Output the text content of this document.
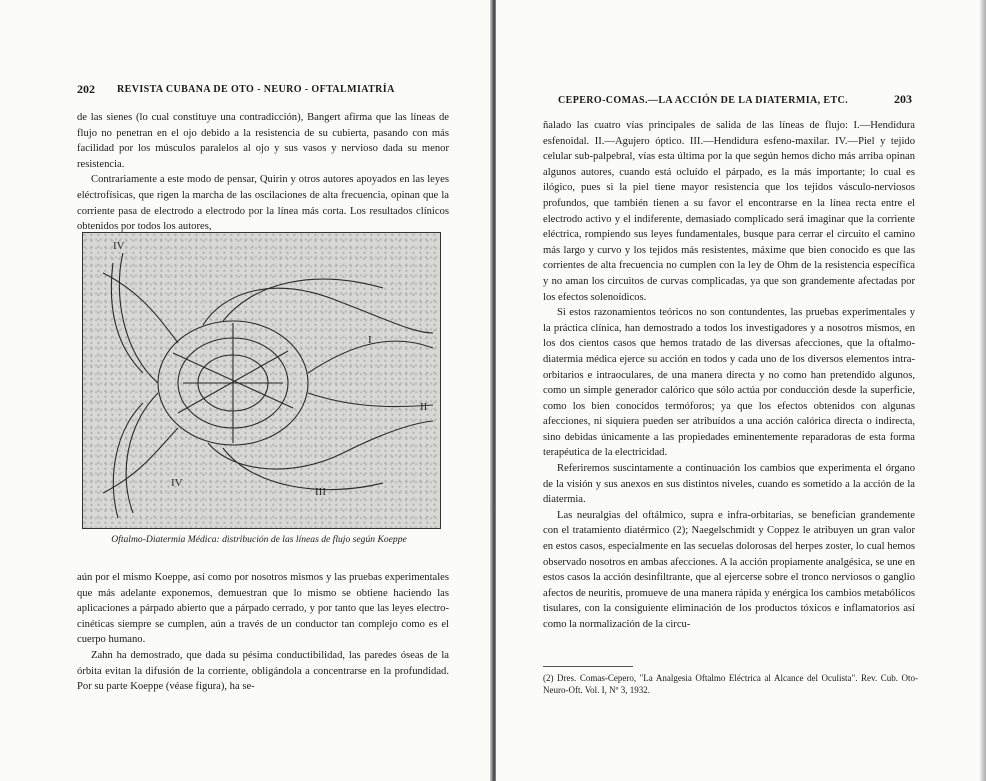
202 REVISTA CUBANA DE OTO - NEURO - OFTALMIATRÍA

de las sienes (lo cual constituye una contradicción), Bangert afirma que las líneas de flujo no penetran en el ojo debido a la resistencia de su cubierta, pasando con más facilidad por los músculos paralelos al ojo y sus vasos y nervioso dada su menor resistencia.

Contrariamente a este modo de pensar, Quirin y otros autores apoyados en las leyes eléctrofísicas, que rigen la marcha de las oscilaciones de alta frecuencia, opinan que la corriente pasa de electrodo a electrodo por la línea más corta. Los resultados clínicos obtenidos por todos los autores,

IV
I
II
III
IV
Oftalmo-Diatermia Médica: distribución de las líneas de flujo según Koeppe

aún por el mismo Koeppe, así como por nosotros mismos y las pruebas experimentales que más adelante exponemos, demuestran que lo mismo se obtiene haciendo las aplicaciones a párpado abierto que a párpado cerrado, y por tanto que las leyes electro-cinéticas siempre se cumplen, aún a través de un conductor tan complejo como es el cuerpo humano.

Zahn ha demostrado, que dada su pésima conductibilidad, las paredes óseas de la órbita evitan la difusión de la corriente, obligándola a concentrarse en la profundidad. Por su parte Koeppe (véase figura), ha se-

CEPERO-COMAS.—LA ACCIÓN DE LA DIATERMIA, ETC.	203

ñalado las cuatro vías principales de salida de las líneas de flujo: I.—Hendidura esfenoidal. II.—Agujero óptico. III.—Hendidura esfeno-maxilar. IV.—Piel y tejido celular sub-palpebral, vías esta última por la que según hemos dicho más arriba opinan algunos autores, cuando está ocluído el párpado, es la más importante; lo cual es ilógico, pues si la piel tiene mayor resistencia que los tejidos vásculo-nerviosos profundos, que también tienen a su favor el encontrarse en la línea recta entre el electrodo activo y el indiferente, demasiado complicado será imaginar que la corriente eléctrica, rompiendo sus leyes fundamentales, busque para cerrar el circuito el camino más largo y curvo y los tejidos más resistentes, máxime que bien conocido es que las corrientes de alta frecuencia no cumplen con la ley de Ohm de la resistencia específica y no aman los circuitos de curvas complicadas, ya que son grandemente afectadas por los efectos solenoídicos.

Si estos razonamientos teóricos no son contundentes, las pruebas experimentales y la práctica clínica, han demostrado a todos los investigadores y a nosotros mismos, en los dos cientos casos que hemos tratado de las diversas afecciones, que la oftalmo-diatermia médica ejerce su acción en todos y cada uno de los diversos elementos intra-orbitarios e intraoculares, de una manera directa y no como han pretendido algunos, como un simple generador calórico que sólo actúa por conducción desde la superficie, como los bien conocidos termóforos; ya que los efectos obtenidos con algunas afecciones, ni siquiera pueden ser atribuídos a una acción calórica directa o indirecta, sino debidas únicamente a las propiedades eminentemente reparadoras de esta forma terapéutica de la electricidad.

Referiremos suscintamente a continuación los cambios que experimenta el órgano de la visión y sus anexos en sus distintos niveles, cuando es sometido a la acción de la diatermia.

Las neuralgias del oftálmico, supra e infra-orbitarias, se benefician grandemente con el tratamiento diatérmico (2); Naegelschmidt y Coppez le atribuyen un gran valor en estos casos, especialmente en las secuelas dolorosas del herpes zoster, lo cual hemos observado nosotros en ambas afecciones. A la acción propiamente analgésica, se une en estos casos la acción desinfiltrante, que al ejercerse sobre el tronco nerviosos o ganglio afectos de neuritis, promueve de una manera rápida y enérgica los cambios metabólicos tisulares, con la consiguiente eliminación de los productos tóxicos e inflamatorios así como la normalización de la circu-

(2) Dres. Comas-Cepero, "La Analgesia Oftalmo Eléctrica al Alcance del Oculista". Rev. Cub. Oto-Neuro-Oft. Vol. I, Nº 3, 1932.
